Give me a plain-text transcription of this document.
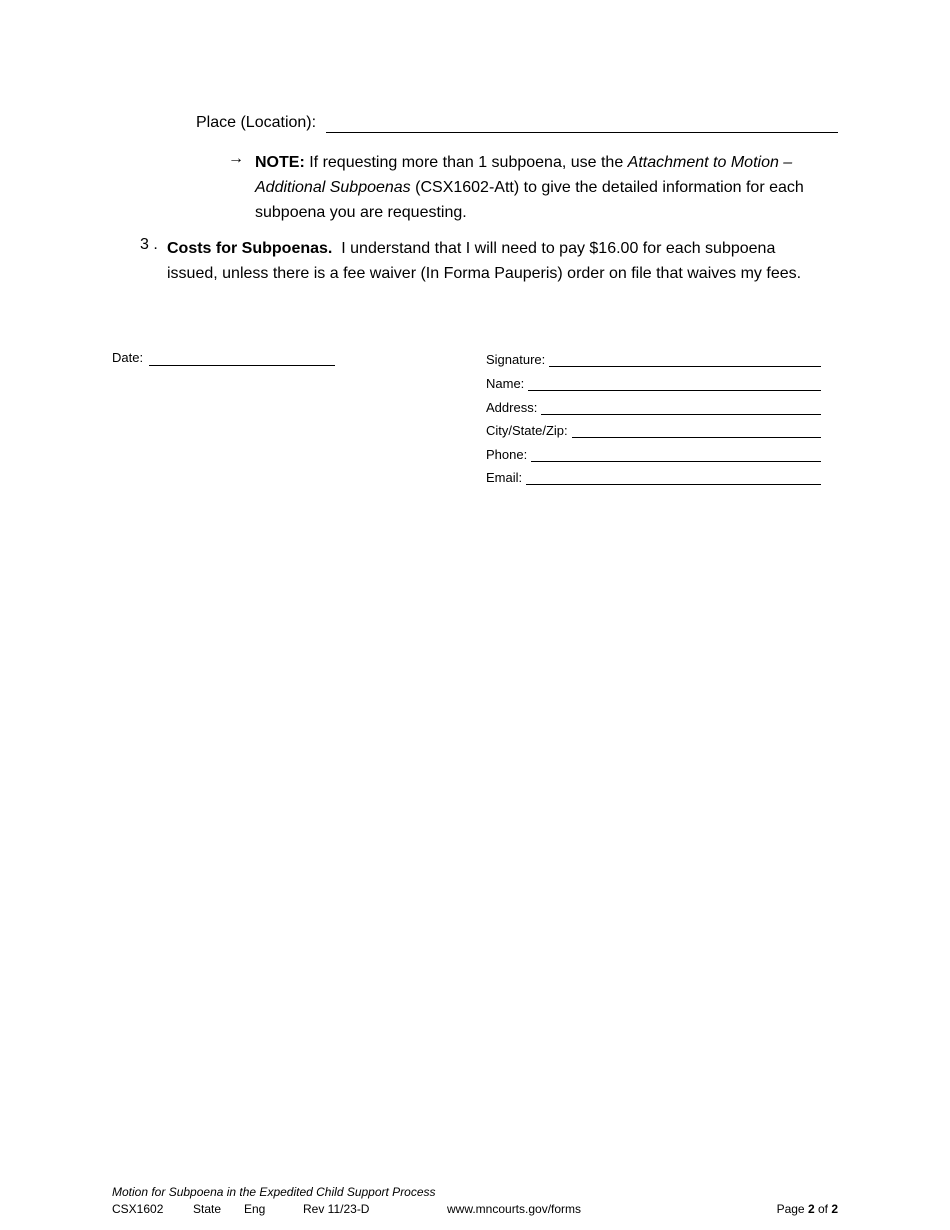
Place (Location):
→ NOTE: If requesting more than 1 subpoena, use the Attachment to Motion –
Additional Subpoenas (CSX1602-Att) to give the detailed information for each
subpoena you are requesting.
3 . Costs for Subpoenas.  I understand that I will need to pay $16.00 for each subpoena
issued, unless there is a fee waiver (In Forma Pauperis) order on file that waives my fees.
Date:	Signature:
Name:
Address:
City/State/Zip:
Phone:
Email:
Motion for Subpoena in the Expedited Child Support Process
CSX1602 State Eng	Rev 11/23-D	www.mncourts.gov/forms	Page 2 of 2
